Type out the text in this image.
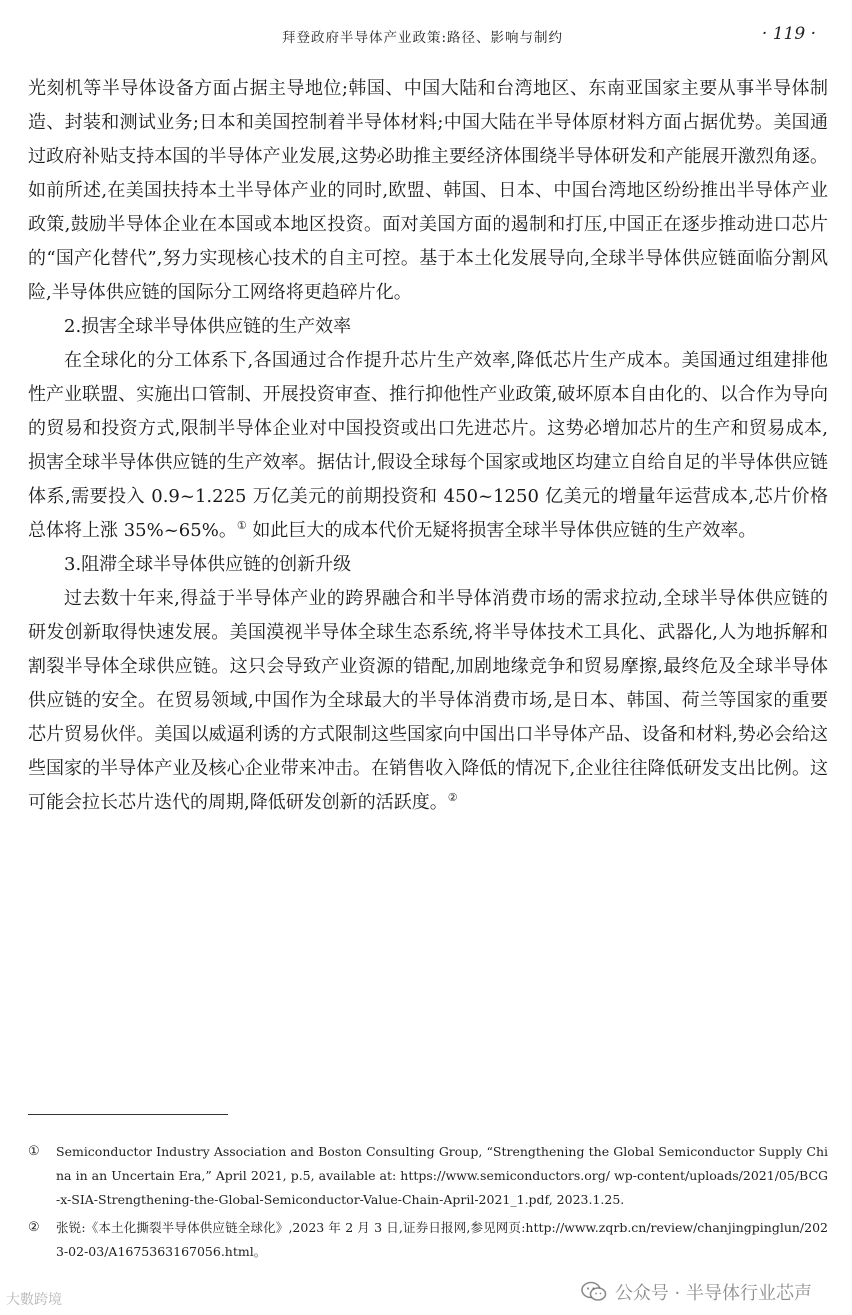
拜登政府半导体产业政策:路径、影响与制约	· 119 ·

光刻机等半导体设备方面占据主导地位;韩国、中国大陆和台湾地区、东南亚国家主要从事半导体制造、封装和测试业务;日本和美国控制着半导体材料;中国大陆在半导体原材料方面占据优势。美国通过政府补贴支持本国的半导体产业发展,这势必助推主要经济体围绕半导体研发和产能展开激烈角逐。如前所述,在美国扶持本土半导体产业的同时,欧盟、韩国、日本、中国台湾地区纷纷推出半导体产业政策,鼓励半导体企业在本国或本地区投资。面对美国方面的遏制和打压,中国正在逐步推动进口芯片的“国产化替代”,努力实现核心技术的自主可控。基于本土化发展导向,全球半导体供应链面临分割风险,半导体供应链的国际分工网络将更趋碎片化。

2.损害全球半导体供应链的生产效率

在全球化的分工体系下,各国通过合作提升芯片生产效率,降低芯片生产成本。美国通过组建排他性产业联盟、实施出口管制、开展投资审查、推行抑他性产业政策,破坏原本自由化的、以合作为导向的贸易和投资方式,限制半导体企业对中国投资或出口先进芯片。这势必增加芯片的生产和贸易成本,损害全球半导体供应链的生产效率。据估计,假设全球每个国家或地区均建立自给自足的半导体供应链体系,需要投入 0.9~1.225 万亿美元的前期投资和 450~1250 亿美元的增量年运营成本,芯片价格总体将上涨 35%~65%。① 如此巨大的成本代价无疑将损害全球半导体供应链的生产效率。

3.阻滞全球半导体供应链的创新升级

过去数十年来,得益于半导体产业的跨界融合和半导体消费市场的需求拉动,全球半导体供应链的研发创新取得快速发展。美国漠视半导体全球生态系统,将半导体技术工具化、武器化,人为地拆解和割裂半导体全球供应链。这只会导致产业资源的错配,加剧地缘竞争和贸易摩擦,最终危及全球半导体供应链的安全。在贸易领域,中国作为全球最大的半导体消费市场,是日本、韩国、荷兰等国家的重要芯片贸易伙伴。美国以威逼利诱的方式限制这些国家向中国出口半导体产品、设备和材料,势必会给这些国家的半导体产业及核心企业带来冲击。在销售收入降低的情况下,企业往往降低研发支出比例。这可能会拉长芯片迭代的周期,降低研发创新的活跃度。②

①	Semiconductor Industry Association and Boston Consulting Group, “Strengthening the Global Semiconductor Supply China in an Uncertain Era,” April 2021, p.5, available at: https://www.semiconductors.org/ wp-content/uploads/2021/05/BCG-x-SIA-Strengthening-the-Global-Semiconductor-Value-Chain-April-2021_1.pdf, 2023.1.25.
②	张锐:《本土化撕裂半导体供应链全球化》,2023 年 2 月 3 日,证券日报网,参见网页:http://www.zqrb.cn/review/chanjingpinglun/2023-02-03/A1675363167056.html。
大數跨境	公众号 · 半导体行业芯声
